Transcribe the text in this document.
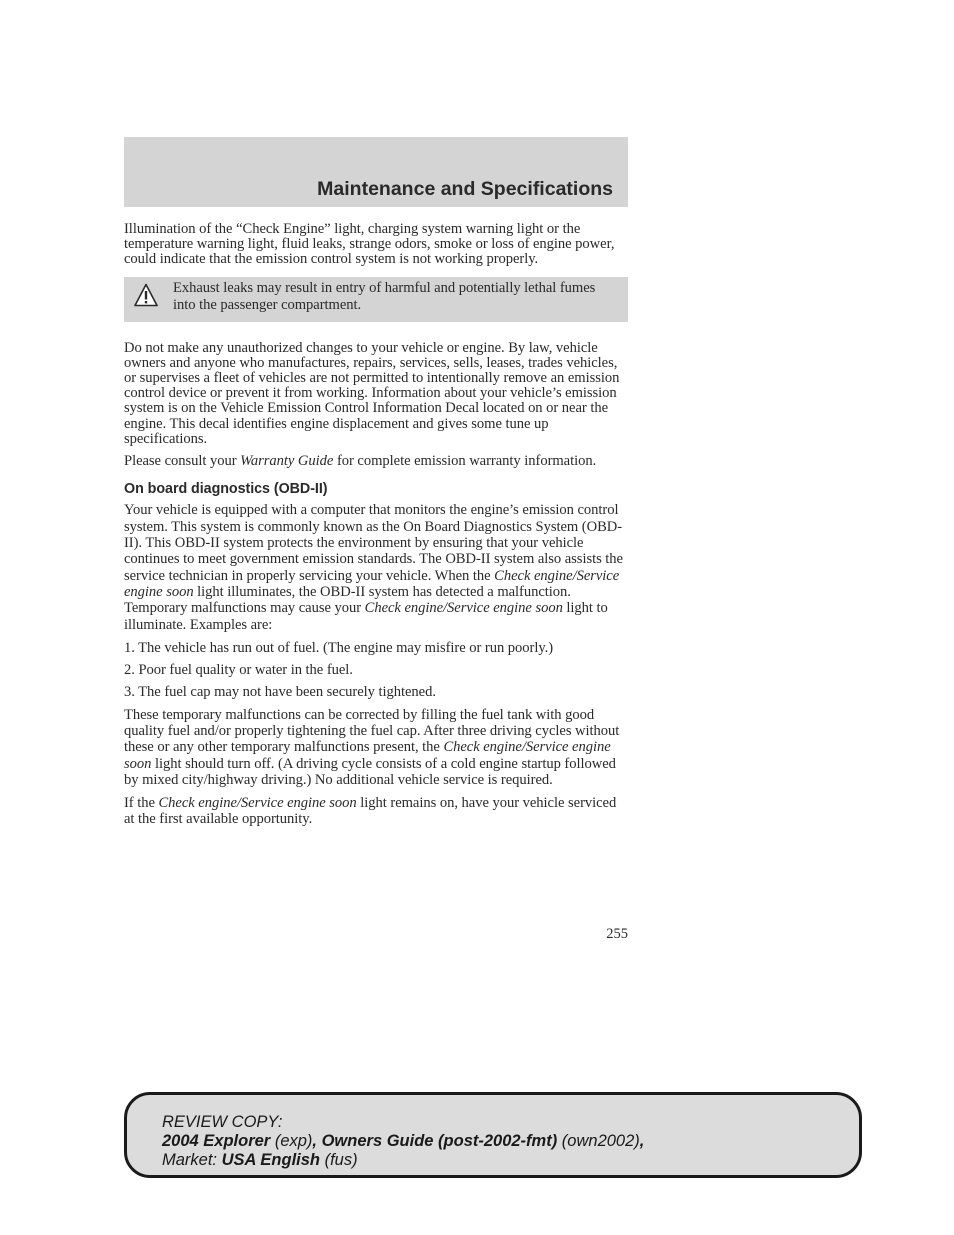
Maintenance and Specifications

Illumination of the “Check Engine” light, charging system warning light or the temperature warning light, fluid leaks, strange odors, smoke or loss of engine power, could indicate that the emission control system is not working properly.

Exhaust leaks may result in entry of harmful and potentially lethal fumes into the passenger compartment.

Do not make any unauthorized changes to your vehicle or engine. By law, vehicle owners and anyone who manufactures, repairs, services, sells, leases, trades vehicles, or supervises a fleet of vehicles are not permitted to intentionally remove an emission control device or prevent it from working. Information about your vehicle’s emission system is on the Vehicle Emission Control Information Decal located on or near the engine. This decal identifies engine displacement and gives some tune up specifications.

Please consult your Warranty Guide for complete emission warranty information.

On board diagnostics (OBD-II)

Your vehicle is equipped with a computer that monitors the engine’s emission control system. This system is commonly known as the On Board Diagnostics System (OBD-II). This OBD-II system protects the environment by ensuring that your vehicle continues to meet government emission standards. The OBD-II system also assists the service technician in properly servicing your vehicle. When the Check engine/Service engine soon light illuminates, the OBD-II system has detected a malfunction. Temporary malfunctions may cause your Check engine/Service engine soon light to illuminate. Examples are:

1. The vehicle has run out of fuel. (The engine may misfire or run poorly.)

2. Poor fuel quality or water in the fuel.

3. The fuel cap may not have been securely tightened.

These temporary malfunctions can be corrected by filling the fuel tank with good quality fuel and/or properly tightening the fuel cap. After three driving cycles without these or any other temporary malfunctions present, the Check engine/Service engine soon light should turn off. (A driving cycle consists of a cold engine startup followed by mixed city/highway driving.) No additional vehicle service is required.

If the Check engine/Service engine soon light remains on, have your vehicle serviced at the first available opportunity.

255
REVIEW COPY:
2004 Explorer (exp), Owners Guide (post-2002-fmt) (own2002),
Market: USA English (fus)
